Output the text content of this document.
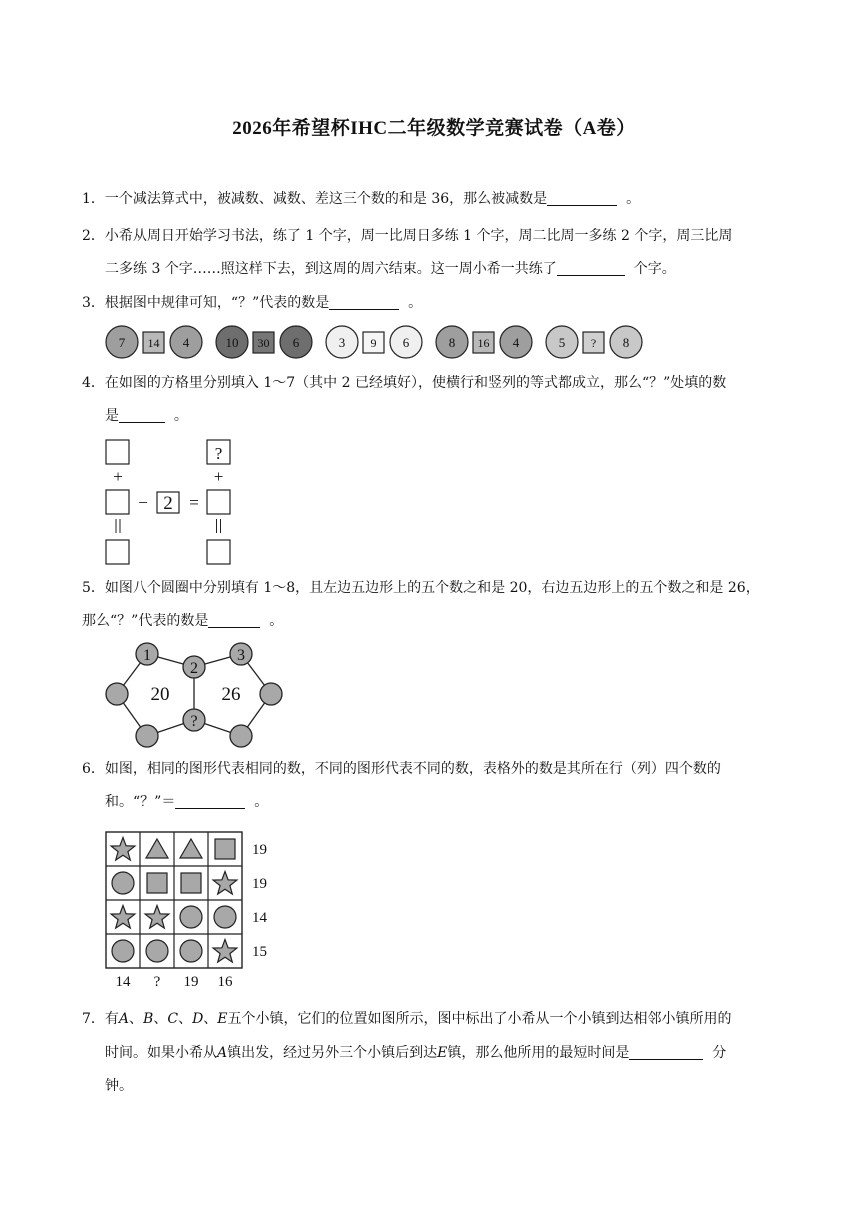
2026年希望杯IHC二年级数学竞赛试卷（A卷）
1．一个减法算式中，被减数、减数、差这三个数的和是 36，那么被减数是	。
2．小希从周日开始学习书法，练了 1 个字，周一比周日多练 1 个字，周二比周一多练 2 个字，周三比周
二多练 3 个字……照这样下去，到这周的周六结束。这一周小希一共练了	个字。
3．根据图中规律可知，“？”代表的数是	。
7 14 4	10 30 6	3 9 6	8 16 4	5 ? 8
4．在如图的方格里分别填入 1～7（其中 2 已经填好），使横行和竖列的等式都成立，那么“？”处填的数
是	。
?
+	+
− 2 =
5．如图八个圆圈中分别填有 1～8，且左边五边形上的五个数之和是 20，右边五边形上的五个数之和是 26，
那么“？”代表的数是	。
1
2
3
?
20	26
6．如图，相同的图形代表相同的数，不同的图形代表不同的数，表格外的数是其所在行（列）四个数的
和。“？”＝	。
19
19
14
15
14 ? 19 16
7．有A、B、C、D、E五个小镇，它们的位置如图所示，图中标出了小希从一个小镇到达相邻小镇所用的
时间。如果小希从A镇出发，经过另外三个小镇后到达E镇，那么他所用的最短时间是	分
钟。
